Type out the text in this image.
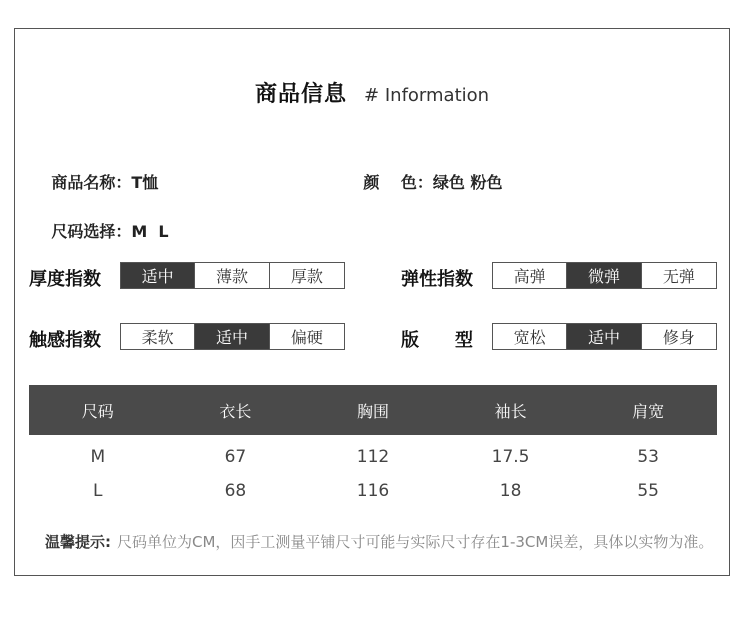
商品信息 # Information

商品名称：T恤
	颜　 色：绿色 粉色

尺码选择：M  L

厚度指数	适中	薄款	厚款	弹性指数	高弹	微弹	无弹
触感指数	柔软	适中	偏硬	版　　型	宽松	适中	修身
尺码	衣长	胸围	袖长	肩宽
M	67	112	17.5	53
L	68	116	18	55
温馨提示: 尺码单位为CM，因手工测量平铺尺寸可能与实际尺寸存在1-3CM误差，具体以实物为准。
